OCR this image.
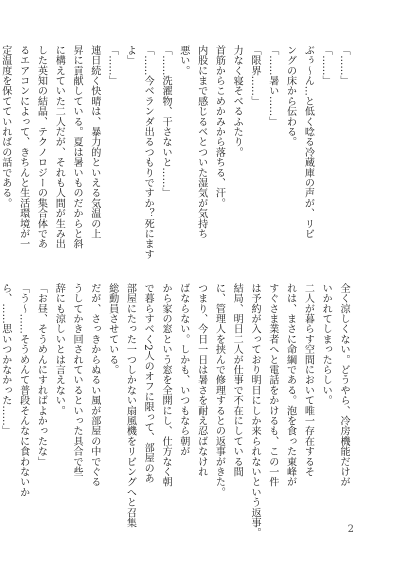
「……」
「……」
ぶぅ～ん…と低く唸る冷蔵庫の声が、リビ
ングの床から伝わる。
「……暑い……」
「限界……」
力なく寝そべるふたり。
首筋からこめかみから落ちる、汗。
内股にまで感じるベとついた湿気が気持ち
悪い。
「……洗濯物、干さないと……」
「……今ベランダ出るつもりですか？死にます
よ」
「……」
連日続く快晴は、暴力的といえる気温の上
昇に貢献している。夏は暑いものだからと斜
に構えていた二人だが、それも人間が生み出
した英知の結晶、テクノロジーの集合体であ
るエアコンによって、きちんと生活環境が一
定温度を保てていればの話である。

全く涼しくない。どうやら、冷房機能だけが
いかれてしまったらしい。
二人が暮らす空間において唯一存在するそ
れは、まさに命綱である。泡を食った東峰が
すぐさま業者へと電話をかけるも、この一件
は予約が入っており明日にしか来られないという返事。
結局、明日二人が仕事で不在にしている間
に、管理人を挟んで修理するとの返事がきた。
つまり、今日一日は暑さを耐え忍ばなけれ
ばならない。しかも、いつもなら朝が
から家の窓という窓を全開にし、仕方なく朝
で暮らすべく2人のオフに限って、部屋のあ
部屋にたった一つしかない扇風機をリビングへと召集
総動員させている。
だが、さっきからぬるい風が部屋の中でぐる
うしてかき回されているといった具合で些
辞にも涼しいとは言えない。
「お昼、そうめんにすればよかったな」
「う～……そうめんて普段そんなに食わないか
ら、……思いつかなかった……」

2
